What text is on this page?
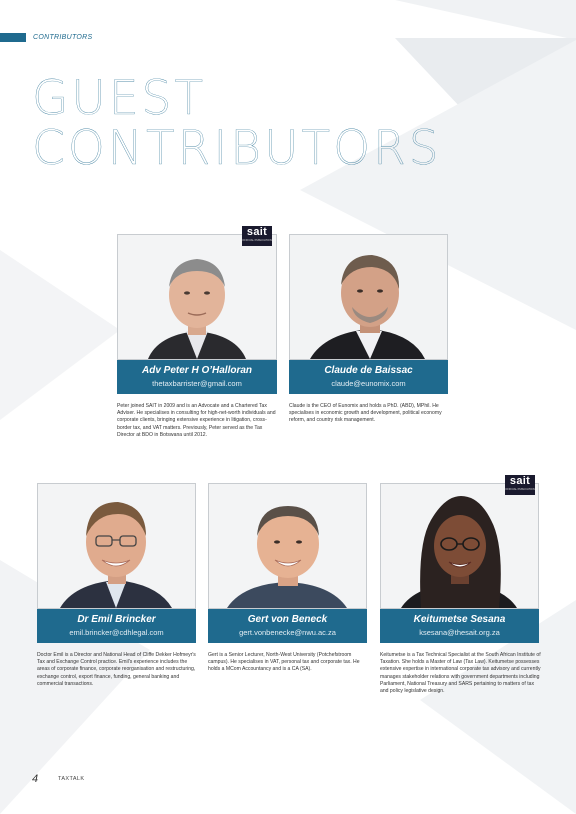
CONTRIBUTORS
GUEST
CONTRIBUTORS
Adv Peter H O’Halloran
thetaxbarrister@gmail.com
sait
OFFICIAL PUBLICATION
Peter joined SAIT in 2009 and is an Advocate and a Chartered Tax Adviser. He specialises in consulting for high-net-worth individuals and corporate clients, bringing extensive experience in litigation, cross-border tax, and VAT matters. Previously, Peter served as the Tax Director at BDO in Botswana until 2012.
Claude de Baissac
claude@eunomix.com
Claude is the CEO of Eunomix and holds a PhD. (ABD), MPhil. He specialises in economic growth and development, political economy reform, and country risk management.
Dr Emil Brincker
emil.brincker@cdhlegal.com
Doctor Emil is a Director and National Head of Cliffe Dekker Hofmeyr's Tax and Exchange Control practice. Emil's experience includes the areas of corporate finance, corporate reorganisation and restructuring, exchange control, export finance, funding, general banking and commercial transactions.
Gert von Beneck
gert.vonbenecke@nwu.ac.za
Gert is a Senior Lecturer, North-West University (Potchefstroom campus). He specialises in VAT, personal tax and corporate tax. He holds a MCom Accountancy and is a CA (SA).
Keitumetse Sesana
ksesana@thesait.org.za
sait
OFFICIAL PUBLICATION
Keitumetse is a Tax Technical Specialist at the South African Institute of Taxation. She holds a Master of Law (Tax Law). Keitumetse possesses extensive expertise in international corporate tax advisory and currently manages stakeholder relations with government departments including Parliament, National Treasury and SARS pertaining to matters of tax and policy legislative design.
4	TAXTALK
